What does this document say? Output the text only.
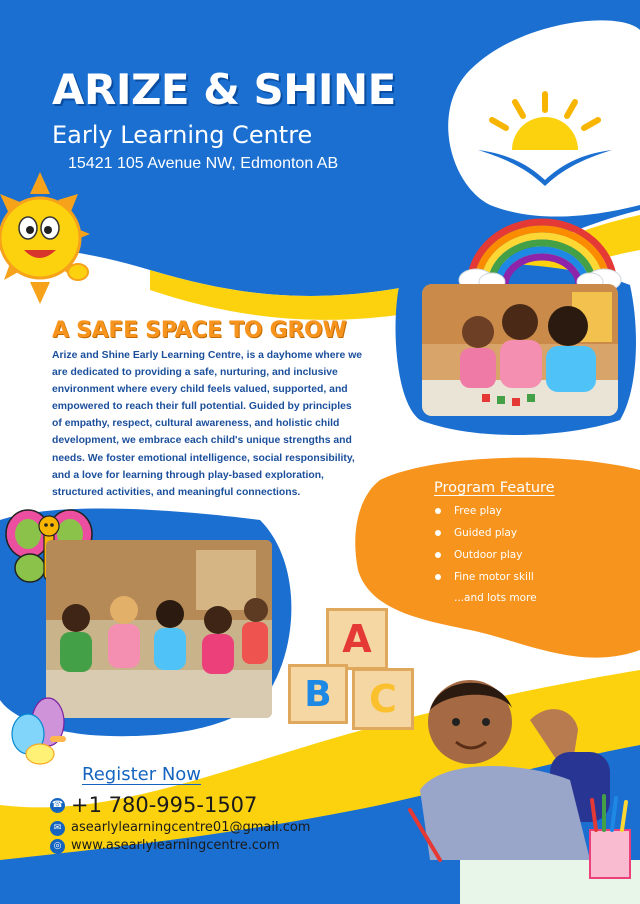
ARIZE & SHINE
Early Learning Centre
15421 105 Avenue NW, Edmonton AB
A SAFE SPACE TO GROW
Arize and Shine Early Learning Centre, is a dayhome where we are dedicated to providing a safe, nurturing, and inclusive environment where every child feels valued, supported, and empowered to reach their full potential. Guided by principles of empathy, respect, cultural awareness, and holistic child development, we embrace each child's unique strengths and needs. We foster emotional intelligence, social responsibility, and a love for learning through play-based exploration, structured activities, and meaningful connections.	Program Feature
Free play
Guided play
Outdoor play
Fine motor skill
...and lots more
A
B C
Register Now
☎ +1 780-995-1507
✉ asearlylearningcentre01@gmail.com
◎ www.asearlylearningcentre.com
